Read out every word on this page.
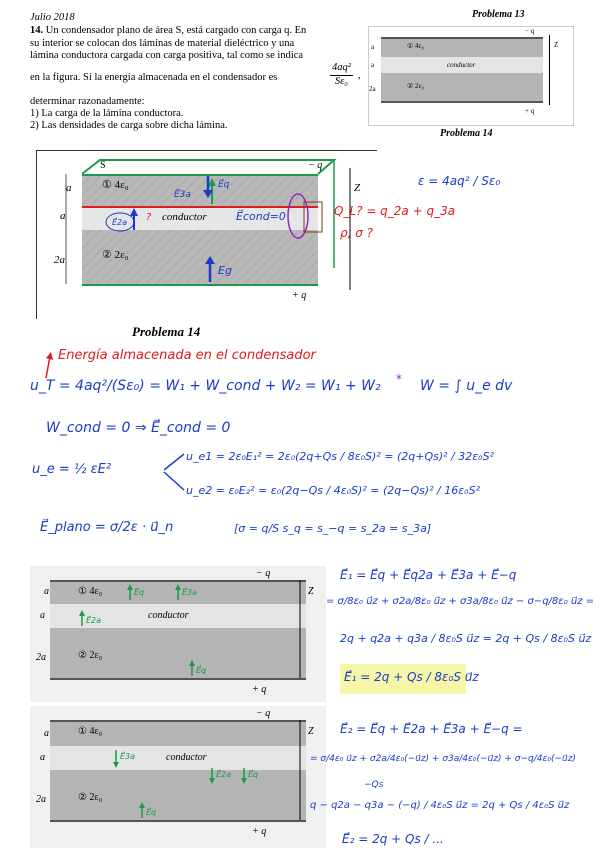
Julio 2018
14. Un condensador plano de área S, está cargado con carga q. En
su interior se colocan dos láminas de material dieléctrico y una
lámina conductora cargada con carga positiva, tal como se indica
en la figura. Si la energía almacenada en el condensador es
4aq²
Sε₀ ,
determinar razonadamente:
1) La carga de la lámina conductora.
2) Las densidades de carga sobre dicha lámina.
Problema 13
① 4ε₀
conductor
② 2ε₀
a
a
2a
− q
+ q
Z
Problema 14
① 4ε₀
conductor
② 2ε₀
a
a
2a
S	− q
+ q
Z
E⃗3a
E⃗q
E⃗2a	E⃗cond=0
Eg
?
Problema 14
ε = 4aq² / Sε₀
Q_L? = q_2a + q_3a
ρ, σ ?
Energía almacenada en el condensador
u_T = 4aq²/(Sε₀) = W₁ + W_cond + W₂ = W₁ + W₂ * W = ∫ u_e dv
W_cond = 0 ⇒ E⃗_cond = 0
u_e = ½ εE²
u_e1 = 2ε₀E₁² = 2ε₀(2q+Qs / 8ε₀S)² = (2q+Qs)² / 32ε₀S²
u_e2 = ε₀E₂² = ε₀(2q−Qs / 4ε₀S)² = (2q−Qs)² / 16ε₀S²
E⃗_plano = σ/2ε · u⃗_n	[σ = q/S s_q = s_−q = s_2a = s_3a]
① 4ε₀
conductor
② 2ε₀
a
a
2a
− q
+ q
Z
E⃗q	E⃗3a
E⃗2a
E⃗q
E⃗₁ = E⃗q + E⃗q2a + E⃗3a + E⃗−q
= σ/8ε₀ u⃗z + σ2a/8ε₀ u⃗z + σ3a/8ε₀ u⃗z − σ−q/8ε₀ u⃗z =
2q + q2a + q3a / 8ε₀S u⃗z = 2q + Qs / 8ε₀S u⃗z
E⃗₁ = 2q + Qs / 8ε₀S u⃗z
① 4ε₀
conductor
② 2ε₀
a
a
2a
− q
+ q
Z
E⃗3a
E⃗2a E⃗q
E⃗q
E⃗₂ = E⃗q + E⃗2a + E⃗3a + E⃗−q =
= σ/4ε₀ u⃗z + σ2a/4ε₀(−u⃗z) + σ3a/4ε₀(−u⃗z) + σ−q/4ε₀(−u⃗z)
−Qs
q − q2a − q3a − (−q) / 4ε₀S u⃗z = 2q + Qs / 4ε₀S u⃗z
E⃗₂ = 2q + Qs / ...
